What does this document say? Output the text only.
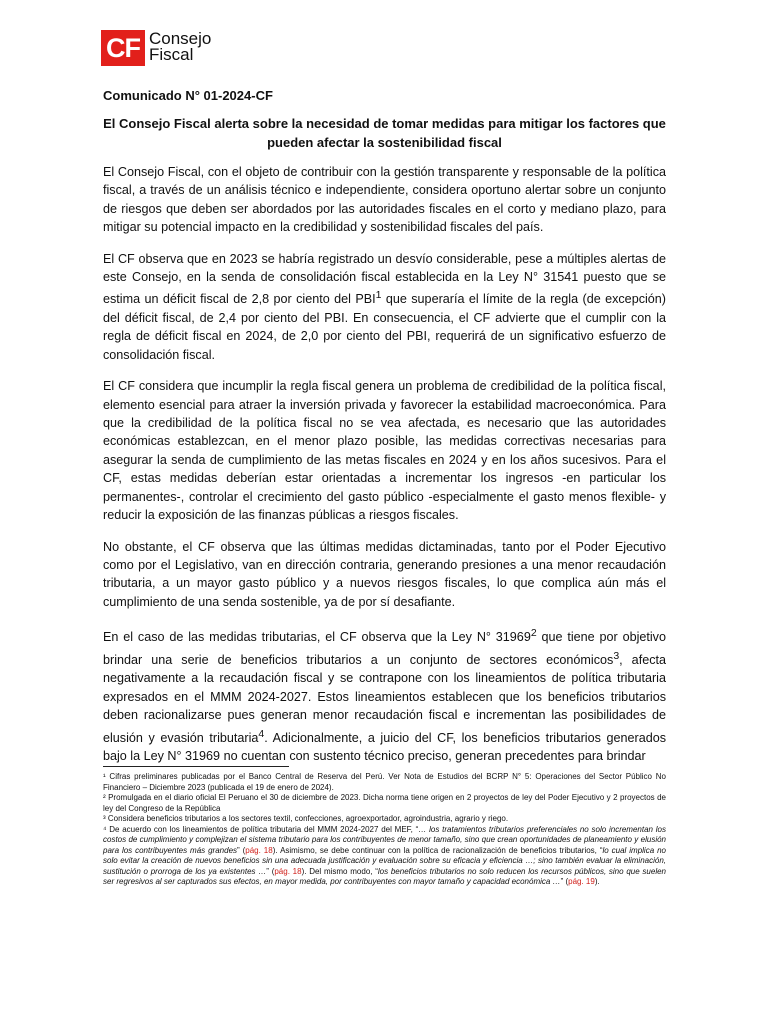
CF Consejo
Fiscal
Comunicado N° 01-2024-CF
El Consejo Fiscal alerta sobre la necesidad de tomar medidas para mitigar los factores que pueden afectar la sostenibilidad fiscal

El Consejo Fiscal, con el objeto de contribuir con la gestión transparente y responsable de la política fiscal, a través de un análisis técnico e independiente, considera oportuno alertar sobre un conjunto de riesgos que deben ser abordados por las autoridades fiscales en el corto y mediano plazo, para mitigar su potencial impacto en la credibilidad y sostenibilidad fiscales del país.

El CF observa que en 2023 se habría registrado un desvío considerable, pese a múltiples alertas de este Consejo, en la senda de consolidación fiscal establecida en la Ley N° 31541 puesto que se estima un déficit fiscal de 2,8 por ciento del PBI$^1$ que superaría el límite de la regla (de excepción) del déficit fiscal, de 2,4 por ciento del PBI. En consecuencia, el CF advierte que el cumplir con la regla de déficit fiscal en 2024, de 2,0 por ciento del PBI, requerirá de un significativo esfuerzo de consolidación fiscal.

El CF considera que incumplir la regla fiscal genera un problema de credibilidad de la política fiscal, elemento esencial para atraer la inversión privada y favorecer la estabilidad macroeconómica. Para que la credibilidad de la política fiscal no se vea afectada, es necesario que las autoridades económicas establezcan, en el menor plazo posible, las medidas correctivas necesarias para asegurar la senda de cumplimiento de las metas fiscales en 2024 y en los años sucesivos. Para el CF, estas medidas deberían estar orientadas a incrementar los ingresos -en particular los permanentes-, controlar el crecimiento del gasto público -especialmente el gasto menos flexible- y reducir la exposición de las finanzas públicas a riesgos fiscales.

No obstante, el CF observa que las últimas medidas dictaminadas, tanto por el Poder Ejecutivo como por el Legislativo, van en dirección contraria, generando presiones a una menor recaudación tributaria, a un mayor gasto público y a nuevos riesgos fiscales, lo que complica aún más el cumplimiento de una senda sostenible, ya de por sí desafiante.

En el caso de las medidas tributarias, el CF observa que la Ley N° 31969$^2$ que tiene por objetivo brindar una serie de beneficios tributarios a un conjunto de sectores económicos$^3$, afecta negativamente a la recaudación fiscal y se contrapone con los lineamientos de política tributaria expresados en el MMM 2024-2027. Estos lineamientos establecen que los beneficios tributarios deben racionalizarse pues generan menor recaudación fiscal e incrementan las posibilidades de elusión y evasión tributaria$^4$. Adicionalmente, a juicio del CF, los beneficios tributarios generados bajo la Ley N° 31969 no cuentan con sustento técnico preciso, generan precedentes para brindar

¹ Cifras preliminares publicadas por el Banco Central de Reserva del Perú. Ver Nota de Estudios del BCRP N° 5: Operaciones del Sector Público No Financiero – Diciembre 2023 (publicada el 19 de enero de 2024).

² Promulgada en el diario oficial El Peruano el 30 de diciembre de 2023. Dicha norma tiene origen en 2 proyectos de ley del Poder Ejecutivo y 2 proyectos de ley del Congreso de la República

³ Considera beneficios tributarios a los sectores textil, confecciones, agroexportador, agroindustria, agrario y riego.

⁴ De acuerdo con los lineamientos de política tributaria del MMM 2024-2027 del MEF, “… los tratamientos tributarios preferenciales no solo incrementan los costos de cumplimiento y complejizan el sistema tributario para los contribuyentes de menor tamaño, sino que crean oportunidades de planeamiento y elusión para los contribuyentes más grandes” (pág. 18). Asimismo, se debe continuar con la política de racionalización de beneficios tributarios, “lo cual implica no solo evitar la creación de nuevos beneficios sin una adecuada justificación y evaluación sobre su eficacia y eficiencia …; sino también evaluar la eliminación, sustitución o prorroga de los ya existentes …” (pág. 18). Del mismo modo, “los beneficios tributarios no solo reducen los recursos públicos, sino que suelen ser regresivos al ser capturados sus efectos, en mayor medida, por contribuyentes con mayor tamaño y capacidad económica …” (pág. 19).
